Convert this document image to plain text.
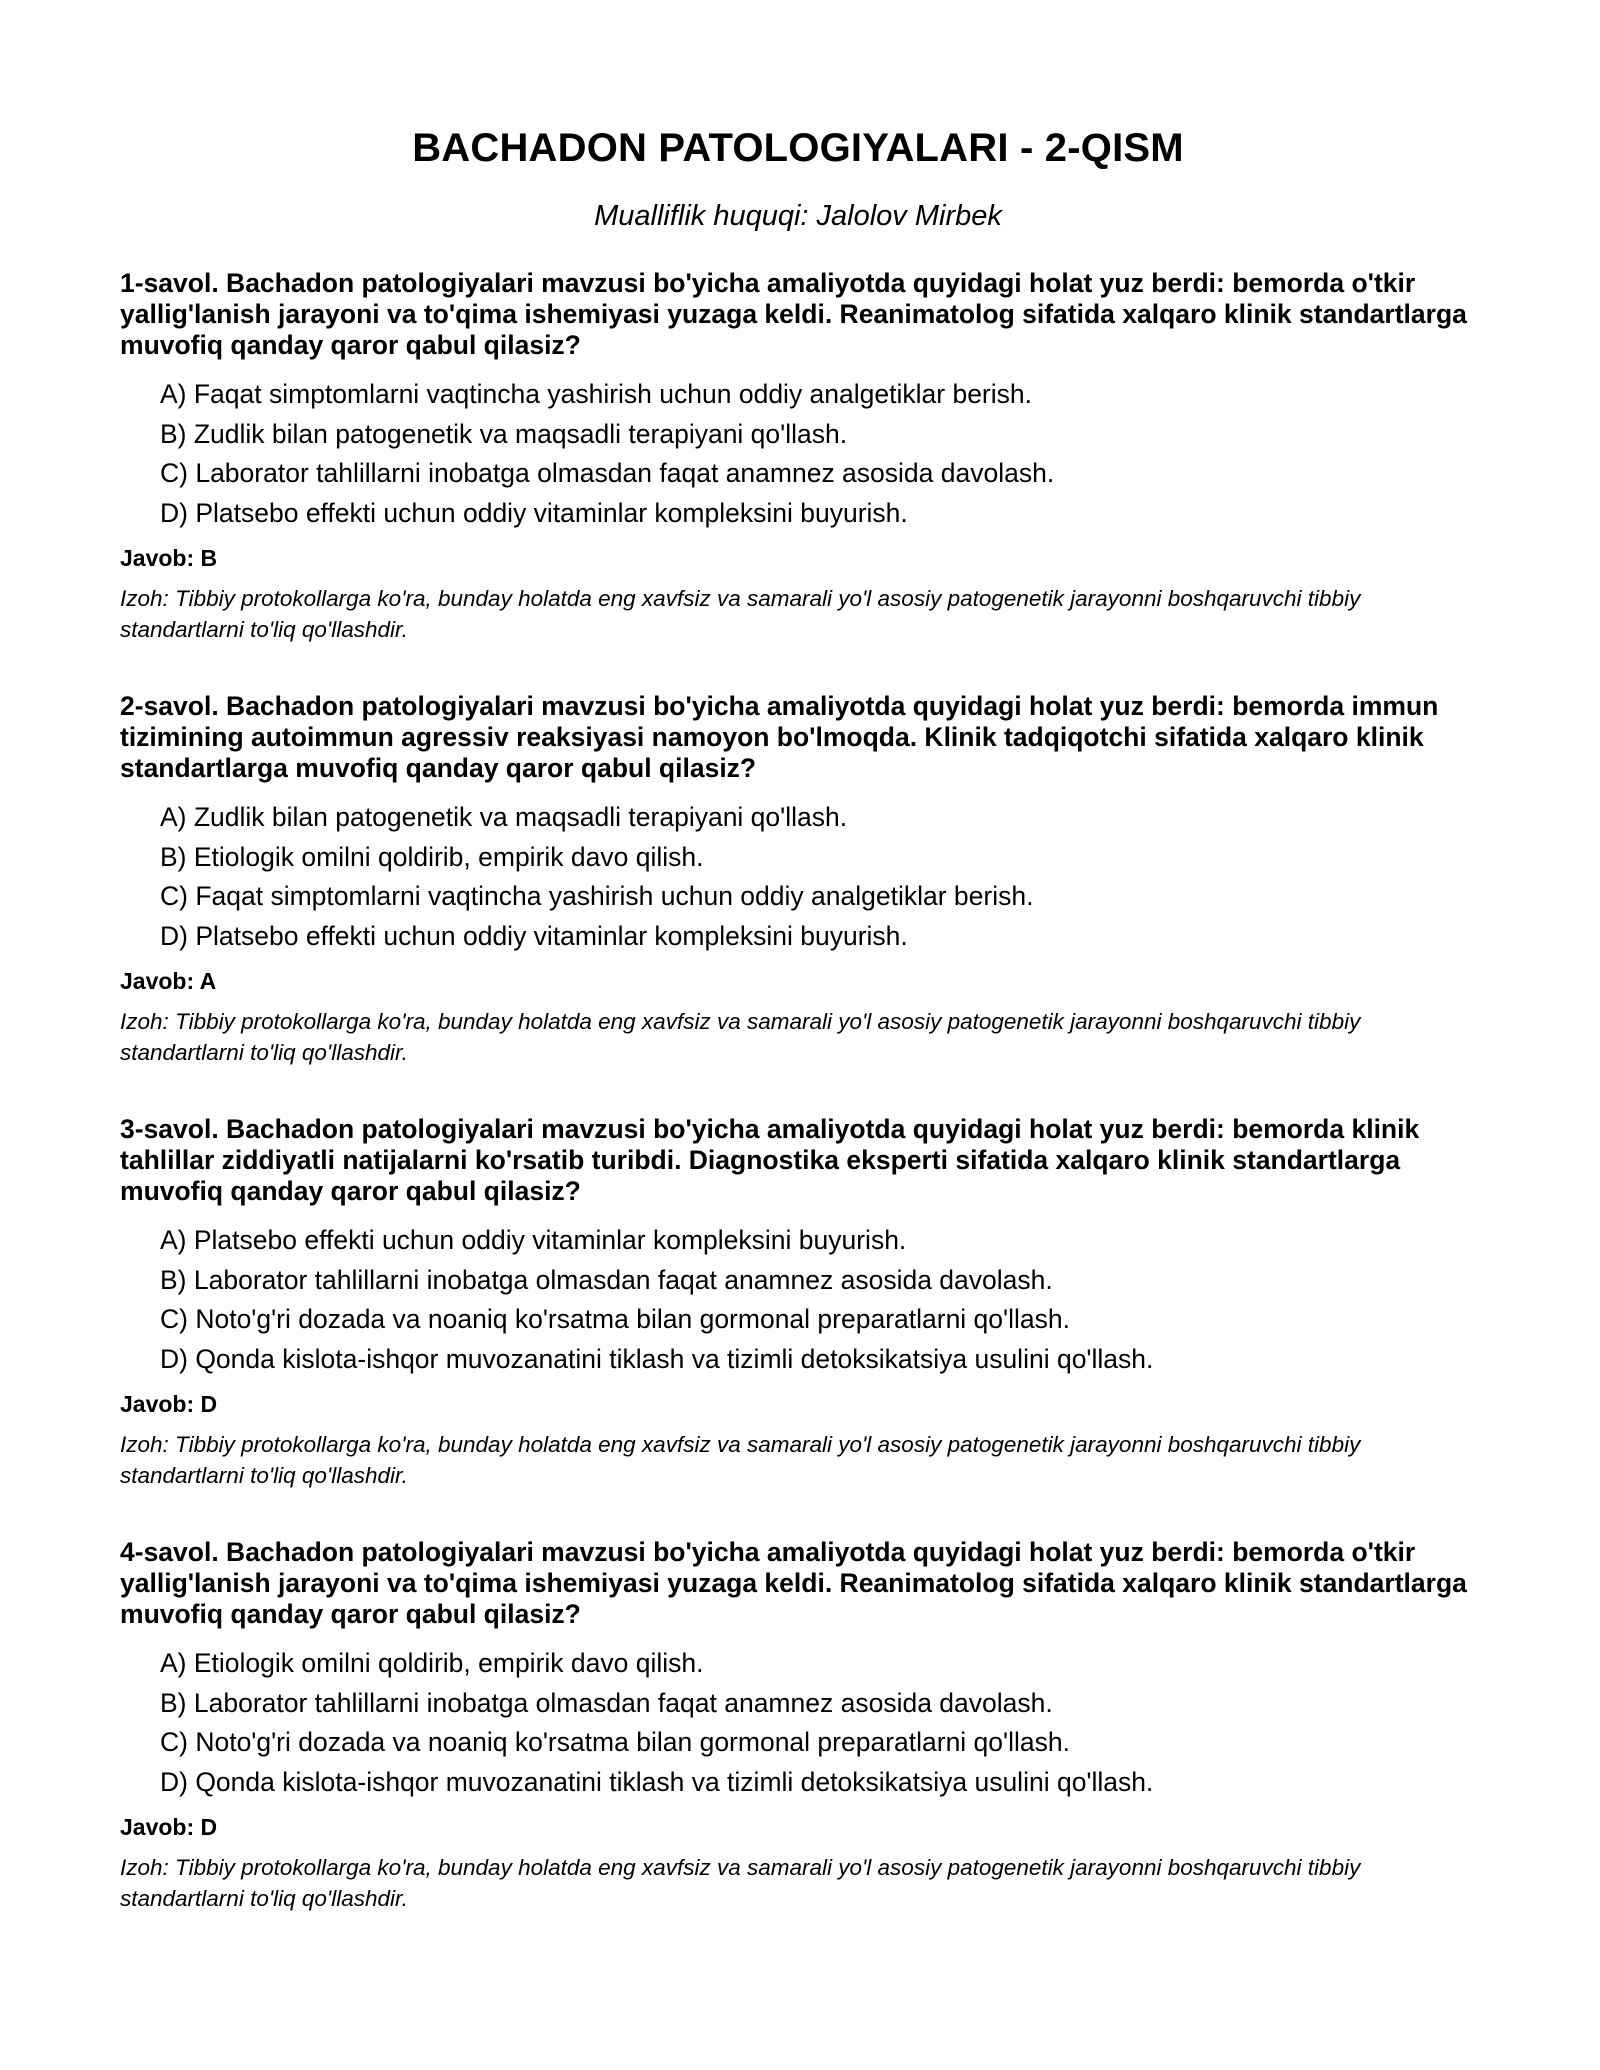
BACHADON PATOLOGIYALARI - 2-QISM

Mualliflik huquqi: Jalolov Mirbek

1-savol. Bachadon patologiyalari mavzusi bo'yicha amaliyotda quyidagi holat yuz berdi: bemorda o'tkir yallig'lanish jarayoni va to'qima ishemiyasi yuzaga keldi. Reanimatolog sifatida xalqaro klinik standartlarga muvofiq qanday qaror qabul qilasiz?

A) Faqat simptomlarni vaqtincha yashirish uchun oddiy analgetiklar berish.
B) Zudlik bilan patogenetik va maqsadli terapiyani qo'llash.
C) Laborator tahlillarni inobatga olmasdan faqat anamnez asosida davolash.
D) Platsebo effekti uchun oddiy vitaminlar kompleksini buyurish.

Javob: B

Izoh: Tibbiy protokollarga ko'ra, bunday holatda eng xavfsiz va samarali yo'l asosiy patogenetik jarayonni boshqaruvchi tibbiy standartlarni to'liq qo'llashdir.

2-savol. Bachadon patologiyalari mavzusi bo'yicha amaliyotda quyidagi holat yuz berdi: bemorda immun tizimining autoimmun agressiv reaksiyasi namoyon bo'lmoqda. Klinik tadqiqotchi sifatida xalqaro klinik standartlarga muvofiq qanday qaror qabul qilasiz?

A) Zudlik bilan patogenetik va maqsadli terapiyani qo'llash.
B) Etiologik omilni qoldirib, empirik davo qilish.
C) Faqat simptomlarni vaqtincha yashirish uchun oddiy analgetiklar berish.
D) Platsebo effekti uchun oddiy vitaminlar kompleksini buyurish.

Javob: A

Izoh: Tibbiy protokollarga ko'ra, bunday holatda eng xavfsiz va samarali yo'l asosiy patogenetik jarayonni boshqaruvchi tibbiy standartlarni to'liq qo'llashdir.

3-savol. Bachadon patologiyalari mavzusi bo'yicha amaliyotda quyidagi holat yuz berdi: bemorda klinik tahlillar ziddiyatli natijalarni ko'rsatib turibdi. Diagnostika eksperti sifatida xalqaro klinik standartlarga muvofiq qanday qaror qabul qilasiz?

A) Platsebo effekti uchun oddiy vitaminlar kompleksini buyurish.
B) Laborator tahlillarni inobatga olmasdan faqat anamnez asosida davolash.
C) Noto'g'ri dozada va noaniq ko'rsatma bilan gormonal preparatlarni qo'llash.
D) Qonda kislota-ishqor muvozanatini tiklash va tizimli detoksikatsiya usulini qo'llash.

Javob: D

Izoh: Tibbiy protokollarga ko'ra, bunday holatda eng xavfsiz va samarali yo'l asosiy patogenetik jarayonni boshqaruvchi tibbiy standartlarni to'liq qo'llashdir.

4-savol. Bachadon patologiyalari mavzusi bo'yicha amaliyotda quyidagi holat yuz berdi: bemorda o'tkir yallig'lanish jarayoni va to'qima ishemiyasi yuzaga keldi. Reanimatolog sifatida xalqaro klinik standartlarga muvofiq qanday qaror qabul qilasiz?

A) Etiologik omilni qoldirib, empirik davo qilish.
B) Laborator tahlillarni inobatga olmasdan faqat anamnez asosida davolash.
C) Noto'g'ri dozada va noaniq ko'rsatma bilan gormonal preparatlarni qo'llash.
D) Qonda kislota-ishqor muvozanatini tiklash va tizimli detoksikatsiya usulini qo'llash.

Javob: D

Izoh: Tibbiy protokollarga ko'ra, bunday holatda eng xavfsiz va samarali yo'l asosiy patogenetik jarayonni boshqaruvchi tibbiy standartlarni to'liq qo'llashdir.
